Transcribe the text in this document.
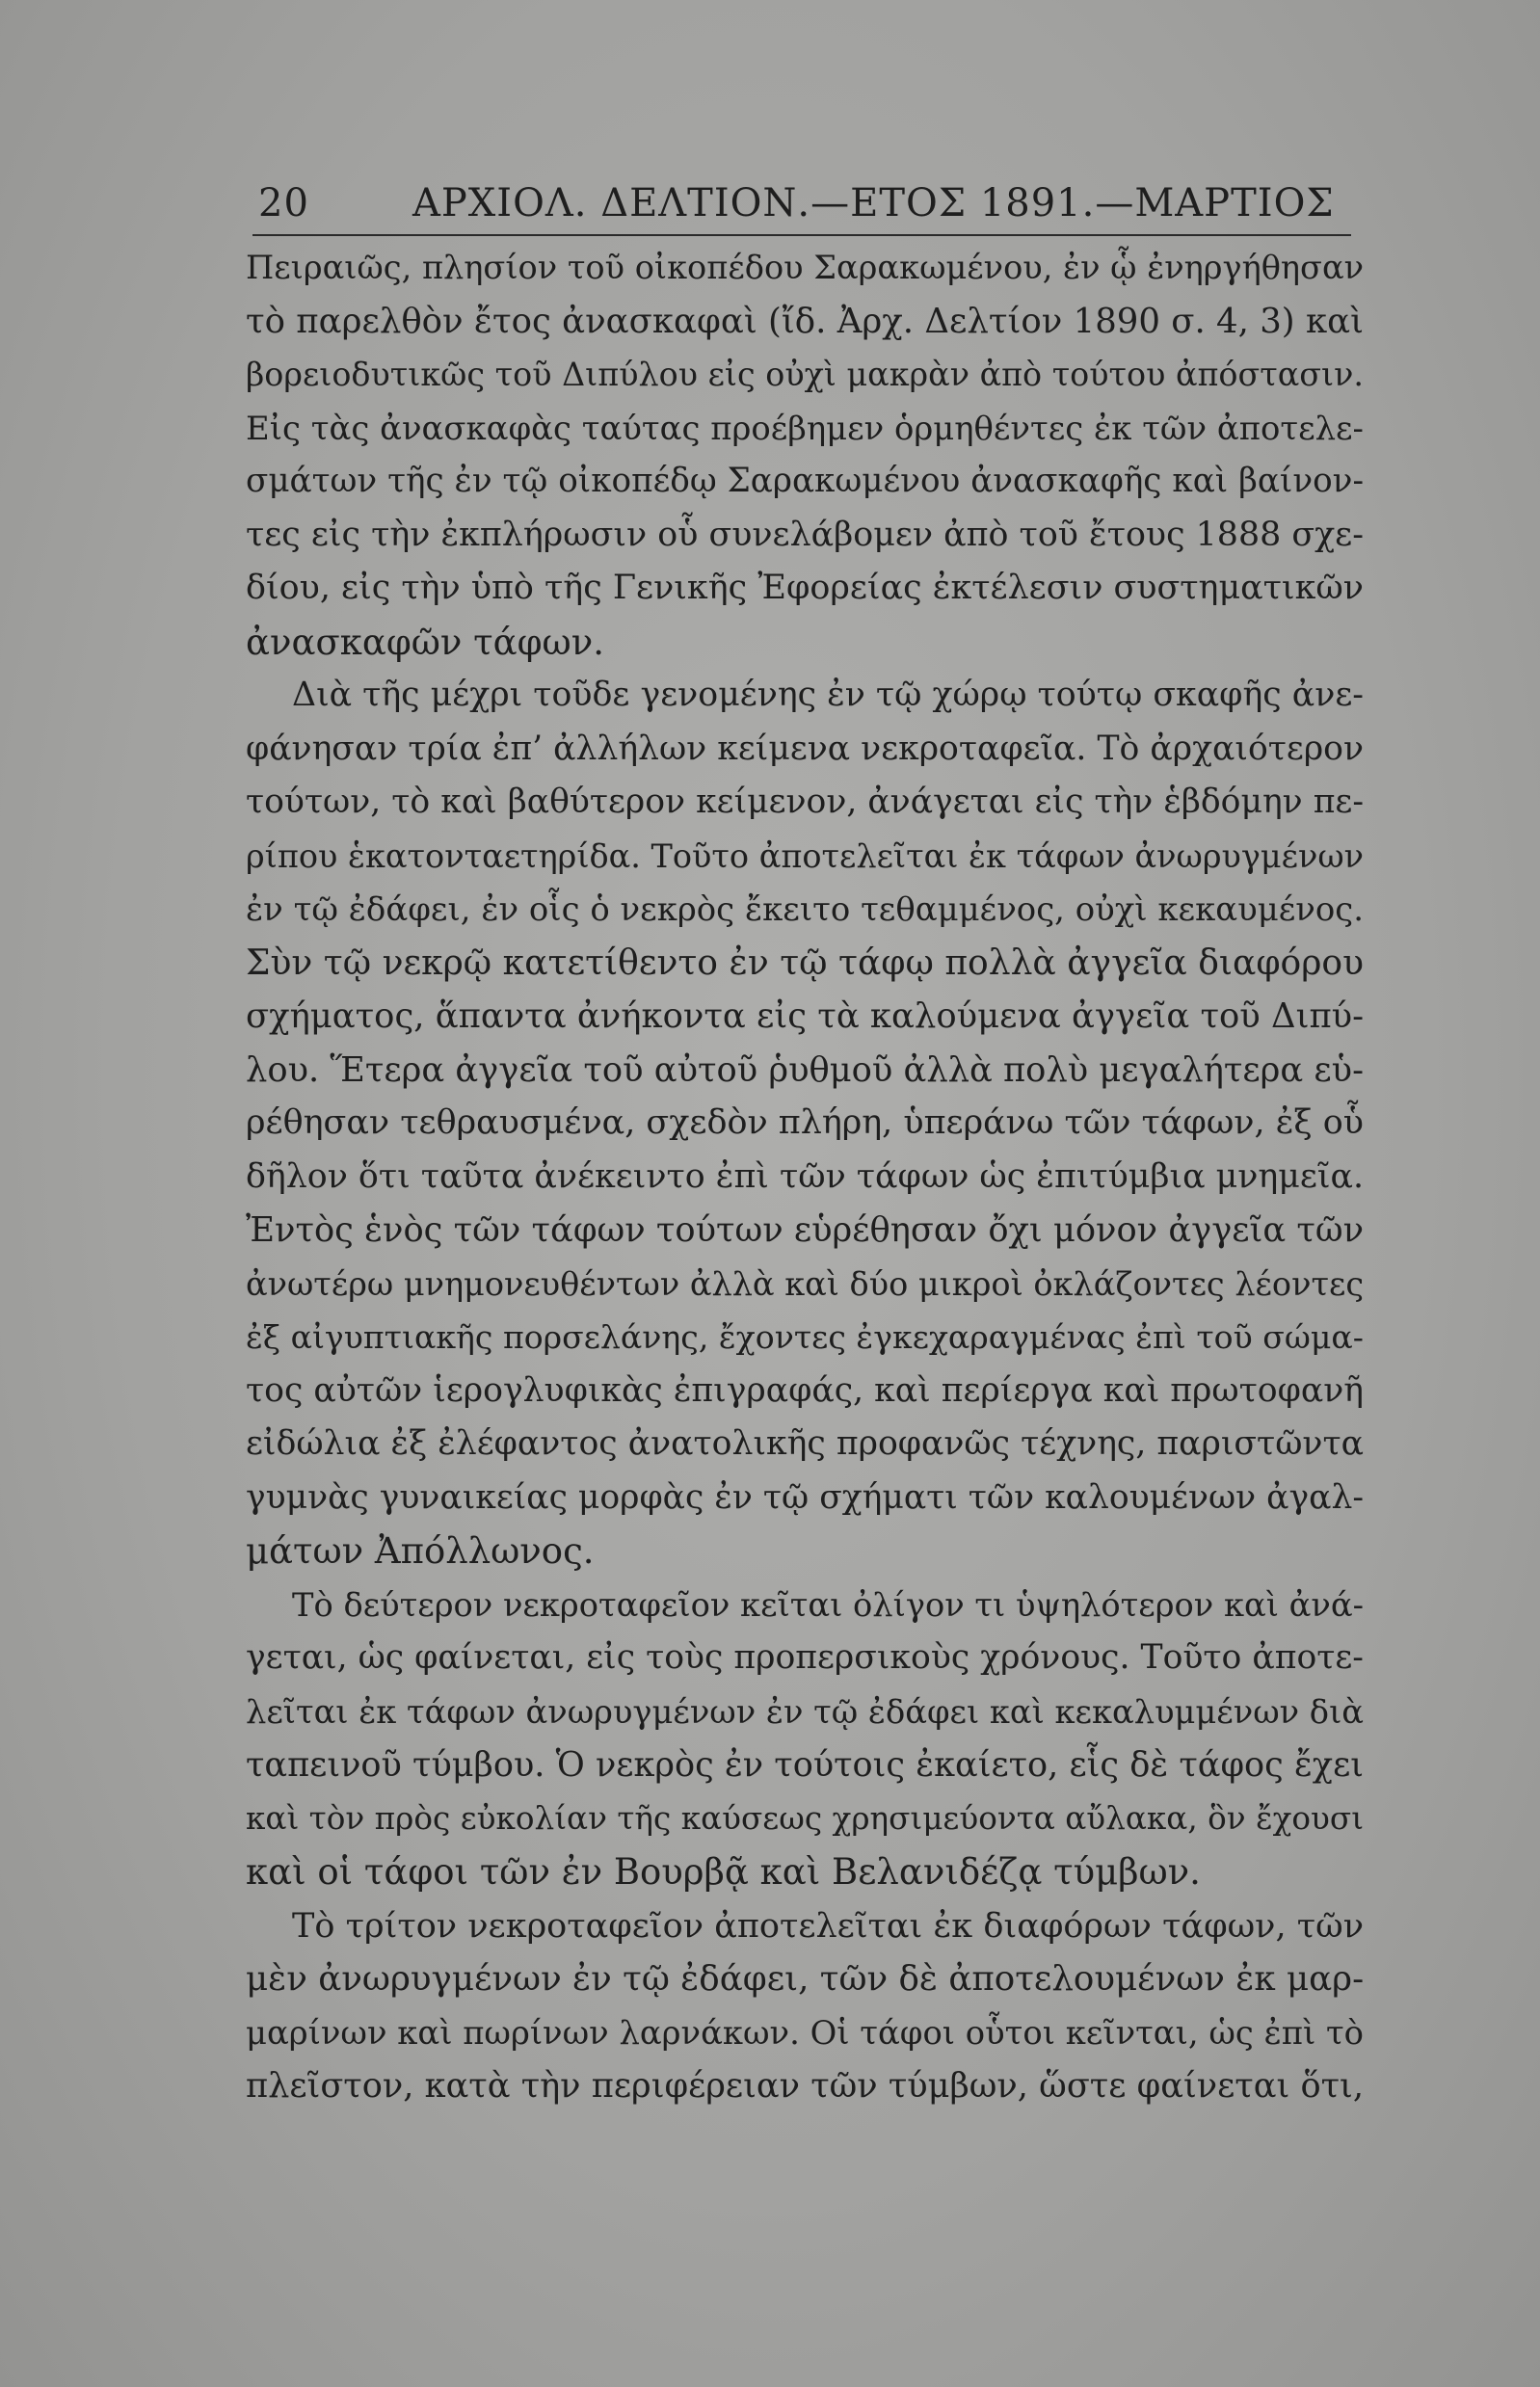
20	ΑΡΧΙΟΛ. ΔΕΛΤΙΟΝ.—ΕΤΟΣ 1891.—ΜΑΡΤΙΟΣ
Πειραιῶς, πλησίον τοῦ οἰκοπέδου Σαρακωμένου, ἐν ᾧ ἐνηργήθησαν
τὸ παρελθὸν ἔτος ἀνασκαφαὶ (ἴδ. Ἀρχ. Δελτίον 1890 σ. 4, 3) καὶ
βορειοδυτικῶς τοῦ Διπύλου εἰς οὐχὶ μακρὰν ἀπὸ τούτου ἀπόστασιν.
Εἰς τὰς ἀνασκαφὰς ταύτας προέβημεν ὁρμηθέντες ἐκ τῶν ἀποτελε-
σμάτων τῆς ἐν τῷ οἰκοπέδῳ Σαρακωμένου ἀνασκαφῆς καὶ βαίνον-
τες εἰς τὴν ἐκπλήρωσιν οὗ συνελάβομεν ἀπὸ τοῦ ἔτους 1888 σχε-
δίου, εἰς τὴν ὑπὸ τῆς Γενικῆς Ἐφορείας ἐκτέλεσιν συστηματικῶν
ἀνασκαφῶν τάφων.
Διὰ τῆς μέχρι τοῦδε γενομένης ἐν τῷ χώρῳ τούτῳ σκαφῆς ἀνε-
φάνησαν τρία ἐπ’ ἀλλήλων κείμενα νεκροταφεῖα. Τὸ ἀρχαιότερον
τούτων, τὸ καὶ βαθύτερον κείμενον, ἀνάγεται εἰς τὴν ἑβδόμην πε-
ρίπου ἑκατονταετηρίδα. Τοῦτο ἀποτελεῖται ἐκ τάφων ἀνωρυγμένων
ἐν τῷ ἐδάφει, ἐν οἷς ὁ νεκρὸς ἔκειτο τεθαμμένος, οὐχὶ κεκαυμένος.
Σὺν τῷ νεκρῷ κατετίθεντο ἐν τῷ τάφῳ πολλὰ ἀγγεῖα διαφόρου
σχήματος, ἅπαντα ἀνήκοντα εἰς τὰ καλούμενα ἀγγεῖα τοῦ Διπύ-
λου. Ἕτερα ἀγγεῖα τοῦ αὐτοῦ ῥυθμοῦ ἀλλὰ πολὺ μεγαλήτερα εὑ-
ρέθησαν τεθραυσμένα, σχεδὸν πλήρη, ὑπεράνω τῶν τάφων, ἐξ οὗ
δῆλον ὅτι ταῦτα ἀνέκειντο ἐπὶ τῶν τάφων ὡς ἐπιτύμβια μνημεῖα.
Ἐντὸς ἑνὸς τῶν τάφων τούτων εὑρέθησαν ὄχι μόνον ἀγγεῖα τῶν
ἀνωτέρω μνημονευθέντων ἀλλὰ καὶ δύο μικροὶ ὀκλάζοντες λέοντες
ἐξ αἰγυπτιακῆς πορσελάνης, ἔχοντες ἐγκεχαραγμένας ἐπὶ τοῦ σώμα-
τος αὐτῶν ἱερογλυφικὰς ἐπιγραφάς, καὶ περίεργα καὶ πρωτοφανῆ
εἰδώλια ἐξ ἐλέφαντος ἀνατολικῆς προφανῶς τέχνης, παριστῶντα
γυμνὰς γυναικείας μορφὰς ἐν τῷ σχήματι τῶν καλουμένων ἀγαλ-
μάτων Ἀπόλλωνος.
Τὸ δεύτερον νεκροταφεῖον κεῖται ὀλίγον τι ὑψηλότερον καὶ ἀνά-
γεται, ὡς φαίνεται, εἰς τοὺς προπερσικοὺς χρόνους. Τοῦτο ἀποτε-
λεῖται ἐκ τάφων ἀνωρυγμένων ἐν τῷ ἐδάφει καὶ κεκαλυμμένων διὰ
ταπεινοῦ τύμβου. Ὁ νεκρὸς ἐν τούτοις ἐκαίετο, εἷς δὲ τάφος ἔχει
καὶ τὸν πρὸς εὐκολίαν τῆς καύσεως χρησιμεύοντα αὔλακα, ὃν ἔχουσι
καὶ οἱ τάφοι τῶν ἐν Βουρβᾷ καὶ Βελανιδέζᾳ τύμβων.
Τὸ τρίτον νεκροταφεῖον ἀποτελεῖται ἐκ διαφόρων τάφων, τῶν
μὲν ἀνωρυγμένων ἐν τῷ ἐδάφει, τῶν δὲ ἀποτελουμένων ἐκ μαρ-
μαρίνων καὶ πωρίνων λαρνάκων. Οἱ τάφοι οὗτοι κεῖνται, ὡς ἐπὶ τὸ
πλεῖστον, κατὰ τὴν περιφέρειαν τῶν τύμβων, ὥστε φαίνεται ὅτι,
